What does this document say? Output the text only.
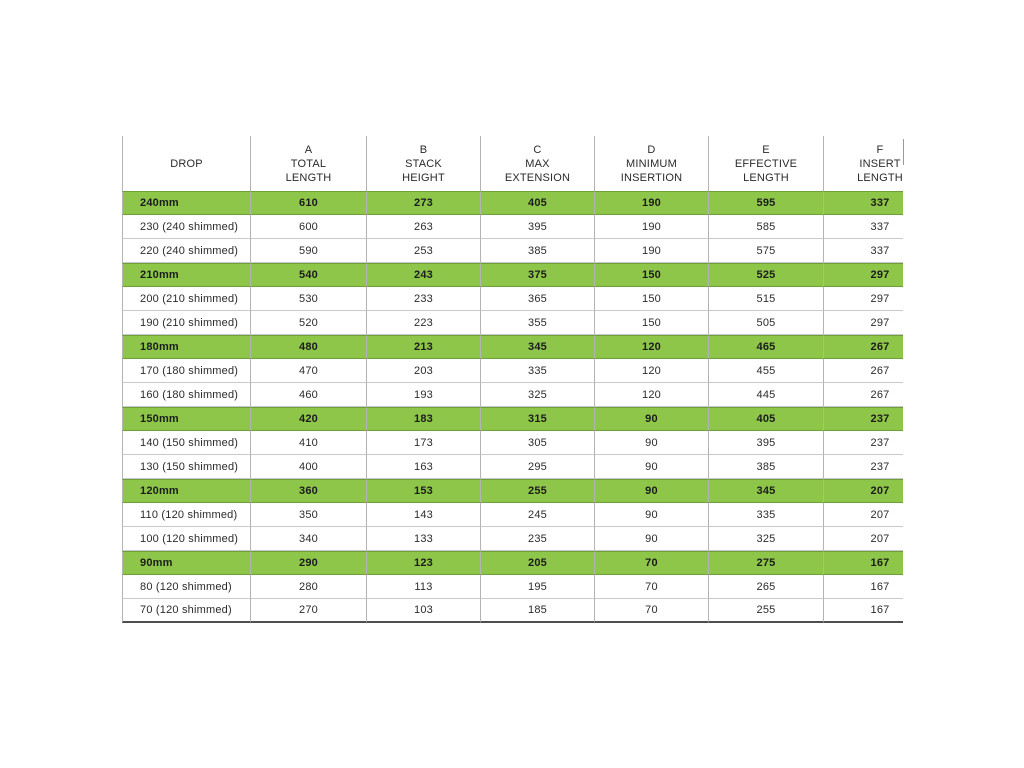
DROP

A
TOTAL
LENGTH

B
STACK
HEIGHT

C
MAX
EXTENSION

D
MINIMUM
INSERTION

E
EFFECTIVE
LENGTH

F
INSERT
LENGTH

240mm	610	273	405	190	595	337
230 (240 shimmed)	600	263	395	190	585	337
220 (240 shimmed)	590	253	385	190	575	337
210mm	540	243	375	150	525	297
200 (210 shimmed)	530	233	365	150	515	297
190 (210 shimmed)	520	223	355	150	505	297
180mm	480	213	345	120	465	267
170 (180 shimmed)	470	203	335	120	455	267
160 (180 shimmed)	460	193	325	120	445	267
150mm	420	183	315	90	405	237
140 (150 shimmed)	410	173	305	90	395	237
130 (150 shimmed)	400	163	295	90	385	237
120mm	360	153	255	90	345	207
110 (120 shimmed)	350	143	245	90	335	207
100 (120 shimmed)	340	133	235	90	325	207
90mm	290	123	205	70	275	167
80 (120 shimmed)	280	113	195	70	265	167
70 (120 shimmed)	270	103	185	70	255	167
